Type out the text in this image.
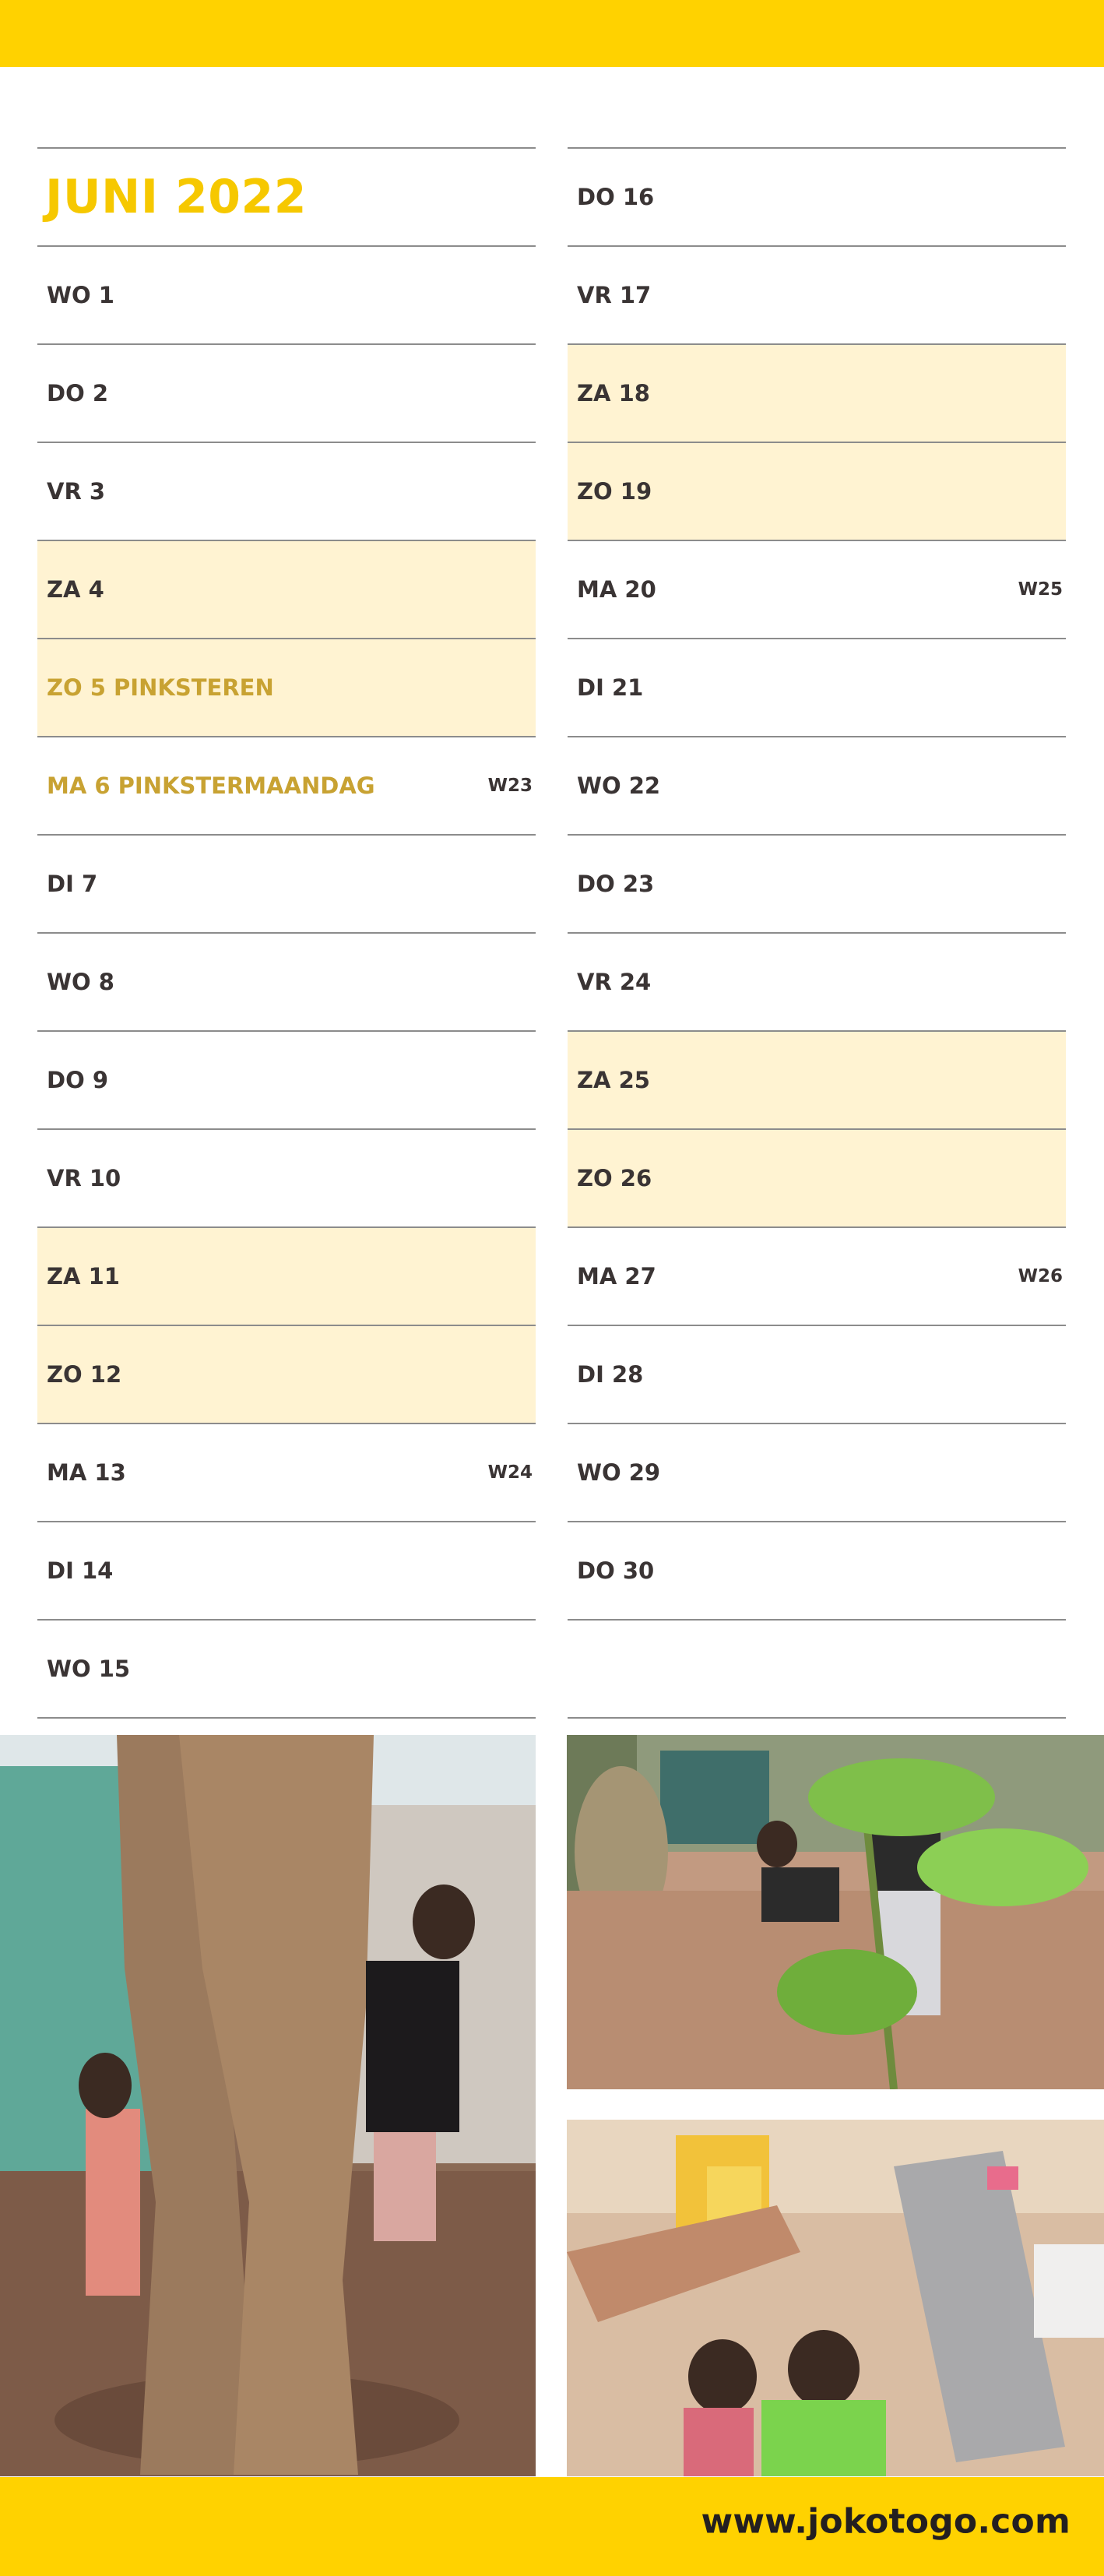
JUNI 2022
WO 1
DO 2
VR 3
ZA 4
ZO 5 PINKSTEREN
MA 6 PINKSTERMAANDAG	W23
DI 7
WO 8
DO 9
VR 10
ZA 11
ZO 12
MA 13	W24
DI 14
WO 15
DO 16
VR 17
ZA 18
ZO 19
MA 20	W25
DI 21
WO 22
DO 23
VR 24
ZA 25
ZO 26
MA 27	W26
DI 28
WO 29
DO 30
www.jokotogo.com
